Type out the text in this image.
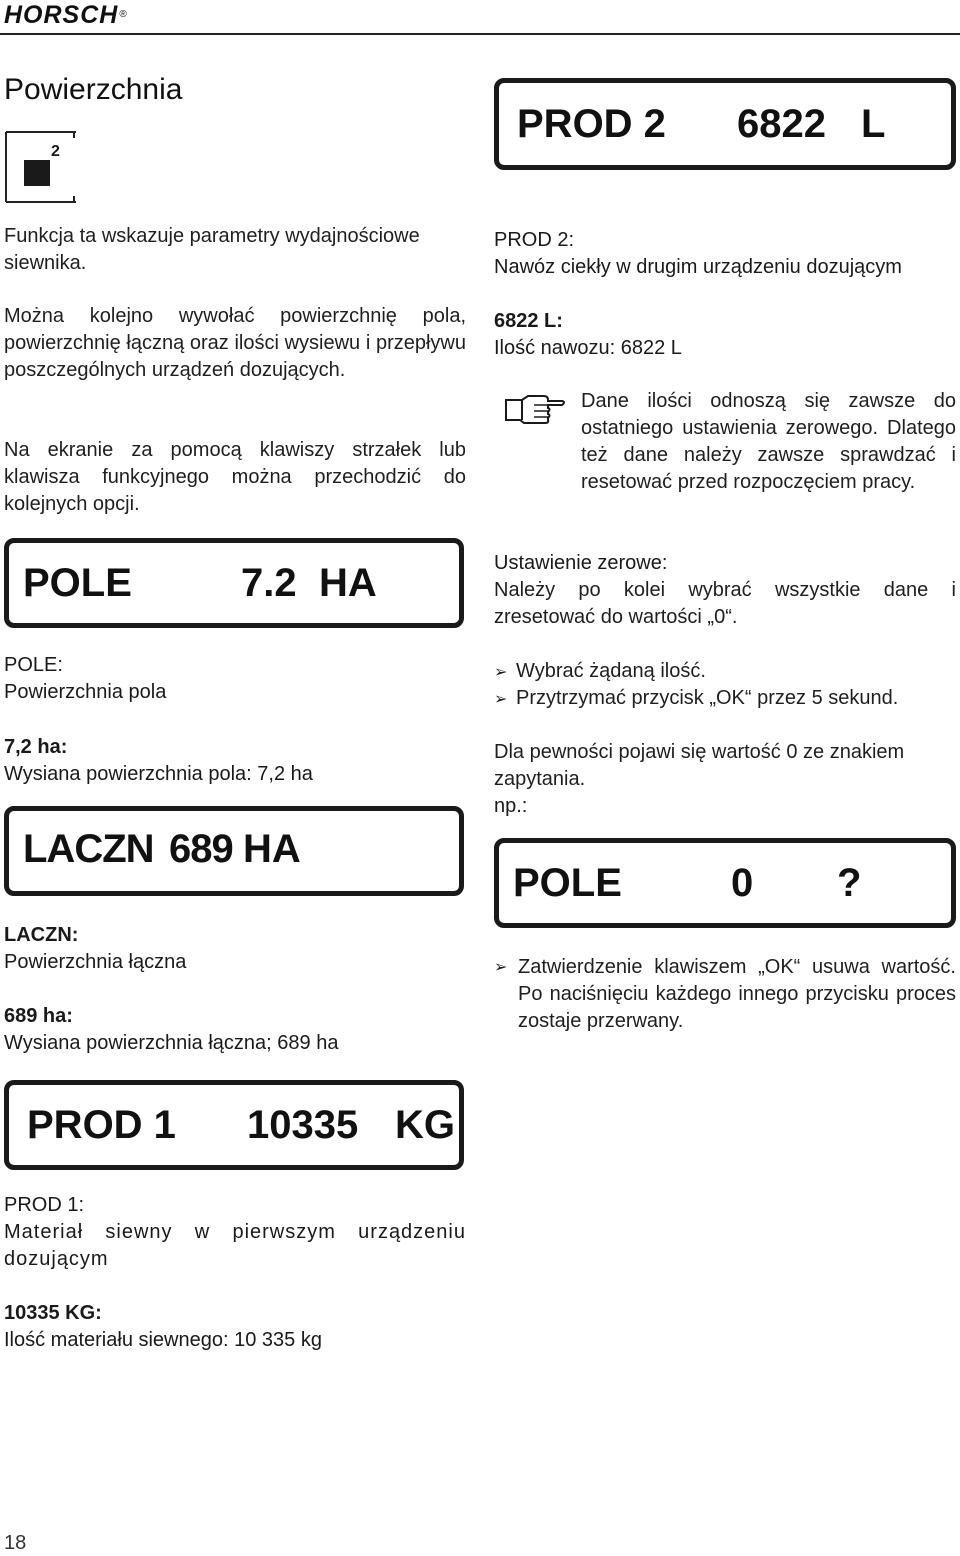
HORSCH®
Powierzchnia
2

Funkcja ta wskazuje parametry wydajnościowe siewnika.

Można kolejno wywołać powierzchnię pola, powierzchnię łączną oraz ilości wysiewu i przepływu poszczególnych urządzeń dozujących.

Na ekranie za pomocą klawiszy strzałek lub klawisza funkcyjnego można przechodzić do kolejnych opcji.

POLE	7.2 HA
POLE:
Powierzchnia pola
7,2 ha:
Wysiana powierzchnia pola: 7,2 ha
LACZN 689 HA
LACZN:
Powierzchnia łączna
689 ha:
Wysiana powierzchnia łączna; 689 ha
PROD 1 10335 KG
PROD 1:
Materiał siewny w pierwszym urządzeniu dozującym
10335 KG:
Ilość materiału siewnego: 10 335 kg
PROD 2 6822 L
PROD 2:
Nawóz ciekły w drugim urządzeniu dozującym
6822 L:
Ilość nawozu: 6822 L

Dane ilości odnoszą się zawsze do ostatniego ustawienia zerowego. Dlatego też dane należy zawsze sprawdzać i resetować przed rozpoczęciem pracy.

Ustawienie zerowe:

Należy po kolei wybrać wszystkie dane i zresetować do wartości „0“.

➢ Wybrać żądaną ilość.
➢ Przytrzymać przycisk „OK“ przez 5 sekund.

Dla pewności pojawi się wartość 0 ze znakiem zapytania.

np.:
POLE	0 ?
➢ Zatwierdzenie klawiszem „OK“ usuwa wartość. Po naciśnięciu każdego innego przycisku proces zostaje przerwany.

18
